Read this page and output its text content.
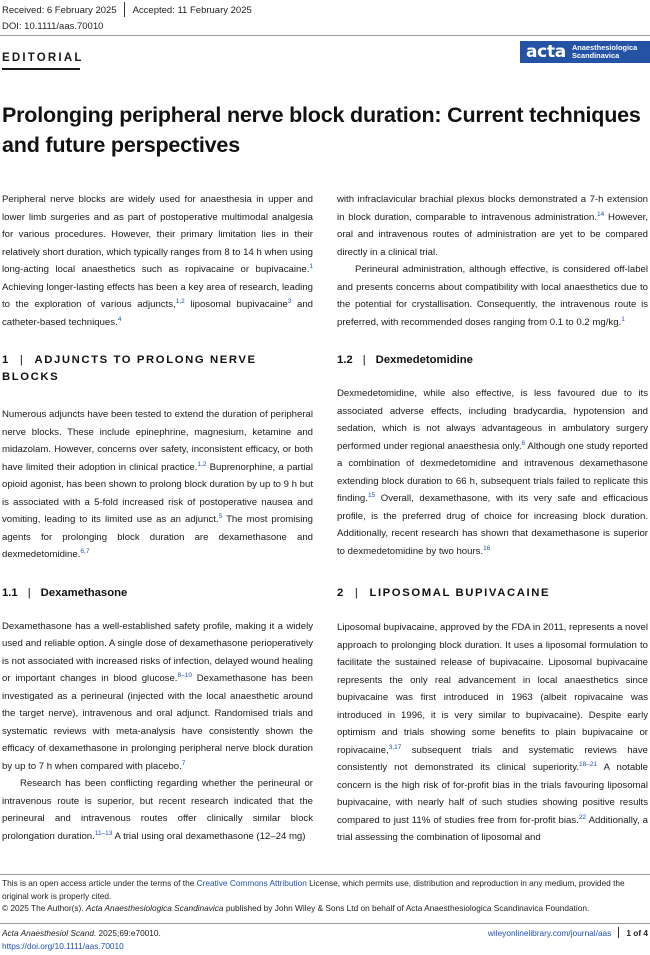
Received: 6 February 2025 Accepted: 11 February 2025
DOI: 10.1111/aas.70010
EDITORIAL	acta Anaesthesiologica
Scandinavica
Prolonging peripheral nerve block duration: Current techniques and future perspectives

Peripheral nerve blocks are widely used for anaesthesia in upper and lower limb surgeries and as part of postoperative multimodal analgesia for various procedures. However, their primary limitation lies in their relatively short duration, which typically ranges from 8 to 14 h when using long-acting local anaesthetics such as ropivacaine or bupivacaine.$^1$ Achieving longer-lasting effects has been a key area of research, leading to the exploration of various adjuncts,$^{1,2}$ liposomal bupivacaine$^3$ and catheter-based techniques.$^4$

1 | ADJUNCTS TO PROLONG NERVE BLOCKS

Numerous adjuncts have been tested to extend the duration of peripheral nerve blocks. These include epinephrine, magnesium, ketamine and midazolam. However, concerns over safety, inconsistent efficacy, or both have limited their adoption in clinical practice.$^{1,2}$ Buprenorphine, a partial opioid agonist, has been shown to prolong block duration by up to 9 h but is associated with a 5-fold increased risk of postoperative nausea and vomiting, leading to its limited use as an adjunct.$^5$ The most promising agents for prolonging block duration are dexamethasone and dexmedetomidine.$^{6,7}$

1.1 | Dexamethasone

Dexamethasone has a well-established safety profile, making it a widely used and reliable option. A single dose of dexamethasone perioperatively is not associated with increased risks of infection, delayed wound healing or important changes in blood glucose.$^{8-10}$ Dexamethasone has been investigated as a perineural (injected with the local anaesthetic around the target nerve), intravenous and oral adjunct. Randomised trials and systematic reviews with meta-analysis have consistently shown the efficacy of dexamethasone in prolonging peripheral nerve block duration by up to 7 h when compared with placebo.$^7$

Research has been conflicting regarding whether the perineural or intravenous route is superior, but recent research indicated that the perineural and intravenous routes offer clinically similar block prolongation duration.$^{11-13}$ A trial using oral dexamethasone (12–24 mg)

with infraclavicular brachial plexus blocks demonstrated a 7-h extension in block duration, comparable to intravenous administration.$^{14}$ However, oral and intravenous routes of administration are yet to be compared directly in a clinical trial.

Perineural administration, although effective, is considered off-label and presents concerns about compatibility with local anaesthetics due to the potential for crystallisation. Consequently, the intravenous route is preferred, with recommended doses ranging from 0.1 to 0.2 mg/kg.$^1$

1.2 | Dexmedetomidine

Dexmedetomidine, while also effective, is less favoured due to its associated adverse effects, including bradycardia, hypotension and sedation, which is not always advantageous in ambulatory surgery performed under regional anaesthesia only.$^6$ Although one study reported a combination of dexmedetomidine and intravenous dexamethasone extending block duration to 66 h, subsequent trials failed to replicate this finding.$^{15}$ Overall, dexamethasone, with its very safe and efficacious profile, is the preferred drug of choice for increasing block duration. Additionally, recent research has shown that dexamethasone is superior to dexmedetomidine by two hours.$^{16}$

2 | LIPOSOMAL BUPIVACAINE

Liposomal bupivacaine, approved by the FDA in 2011, represents a novel approach to prolonging block duration. It uses a liposomal formulation to facilitate the sustained release of bupivacaine. Liposomal bupivacaine represents the only real advancement in local anaesthetics since bupivacaine was first introduced in 1963 (albeit ropivacaine was introduced in 1996, it is very similar to bupivacaine). Despite early optimism and trials showing some benefits to plain bupivacaine or ropivacaine,$^{3,17}$ subsequent trials and systematic reviews have consistently not demonstrated its clinical superiority.$^{18-21}$ A notable concern is the high risk of for-profit bias in the trials favouring liposomal bupivacaine, with nearly half of such studies showing positive results compared to just 11% of studies free from for-profit bias.$^{22}$ Additionally, a trial assessing the combination of liposomal and

This is an open access article under the terms of the Creative Commons Attribution License, which permits use, distribution and reproduction in any medium, provided the original work is properly cited.

© 2025 The Author(s). Acta Anaesthesiologica Scandinavica published by John Wiley & Sons Ltd on behalf of Acta Anaesthesiologica Scandinavica Foundation.

Acta Anaesthesiol Scand. 2025;69:e70010.
https://doi.org/10.1111/aas.70010
wileyonlinelibrary.com/journal/aas 1 of 4
